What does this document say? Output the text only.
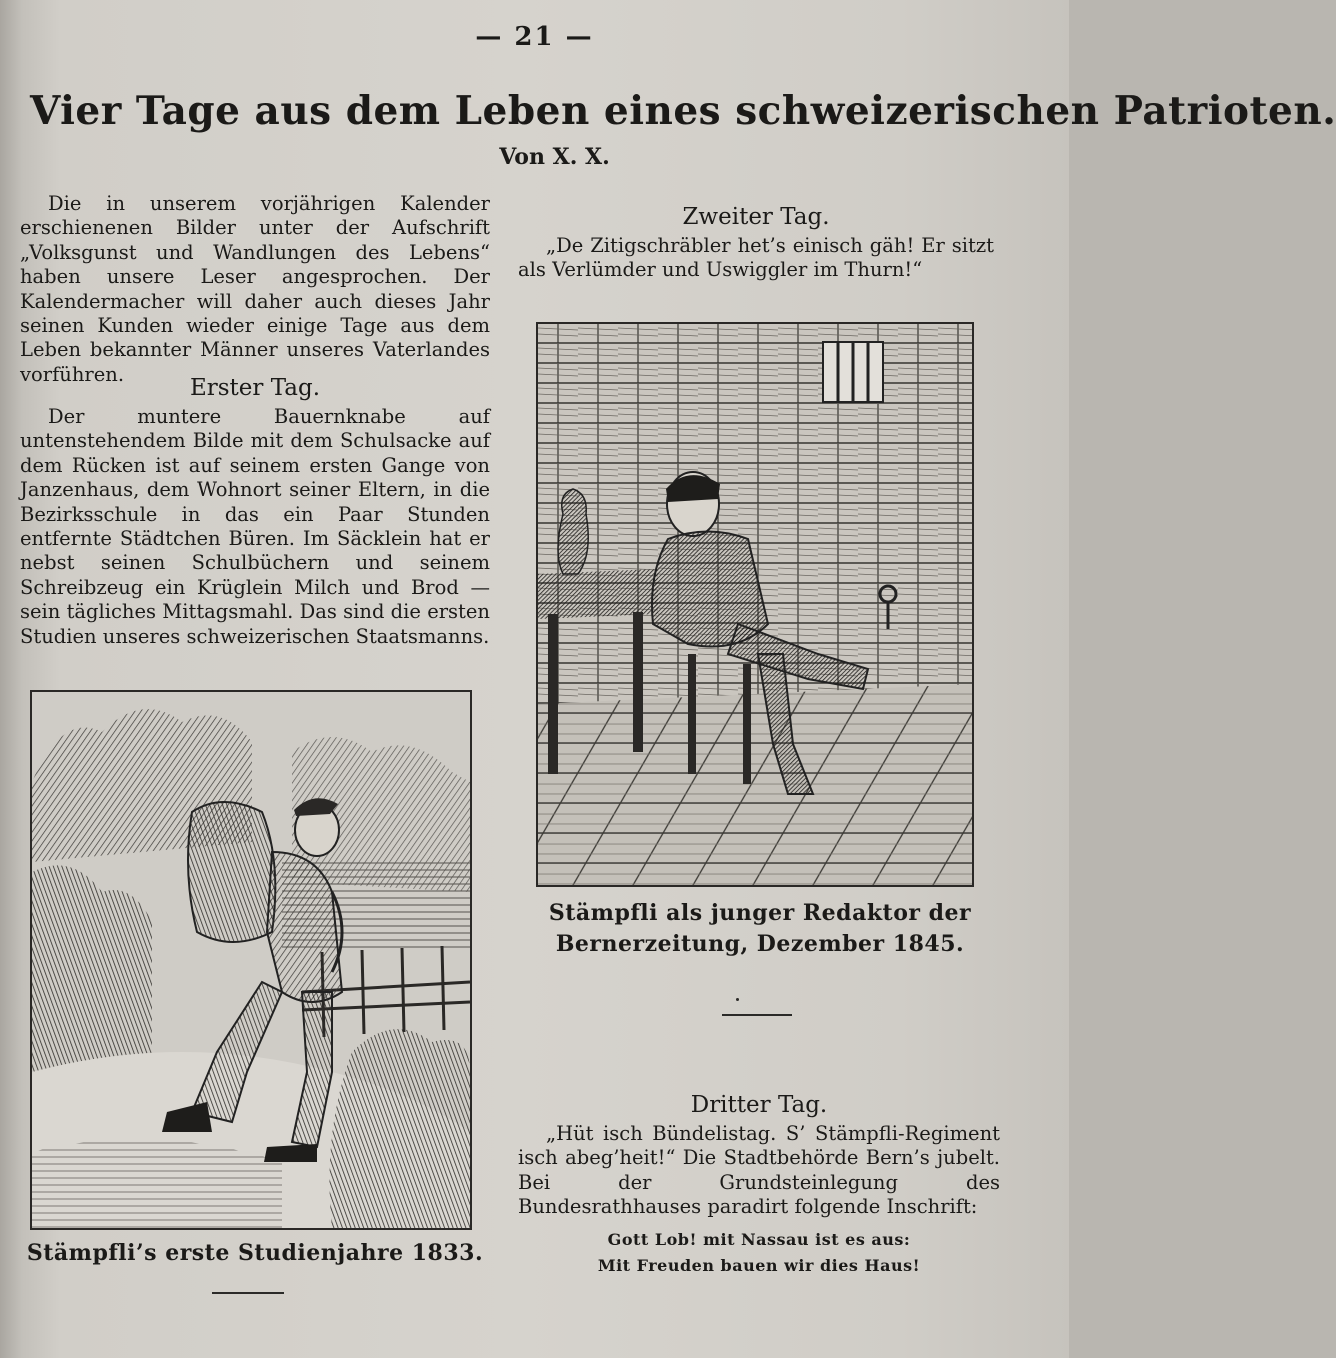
— 21 —
Vier Tage aus dem Leben eines schweizerischen Patrioten.
Von X. X.

Die in unserem vorjährigen Kalender erschienenen Bilder unter der Aufschrift „Volksgunst und Wandlungen des Lebens“ haben unsere Leser angesprochen. Der Kalendermacher will daher auch dieses Jahr seinen Kunden wieder einige Tage aus dem Leben bekannter Männer unseres Vaterlandes vorführen.

Erster Tag.

Der muntere Bauernknabe auf untenstehendem Bilde mit dem Schulsacke auf dem Rücken ist auf seinem ersten Gange von Janzenhaus, dem Wohnort seiner Eltern, in die Bezirksschule in das ein Paar Stunden entfernte Städtchen Büren. Im Säcklein hat er nebst seinen Schulbüchern und seinem Schreibzeug ein Krüglein Milch und Brod — sein tägliches Mittagsmahl. Das sind die ersten Studien unseres schweizerischen Staatsmanns.

Stämpfli’s erste Studienjahre 1833.
Zweiter Tag.

„De Zitigschräbler het’s einisch gäh! Er sitzt als Verlümder und Uswiggler im Thurn!“

Stämpfli als junger Redaktor der
Bernerzeitung, Dezember 1845.
Dritter Tag.

„Hüt isch Bündelistag. S’ Stämpfli-Regiment isch abeg’heit!“ Die Stadtbehörde Bern’s jubelt. Bei der Grundsteinlegung des Bundesrathhauses paradirt folgende Inschrift:

Gott Lob! mit Nassau ist es aus:
Mit Freuden bauen wir dies Haus!
